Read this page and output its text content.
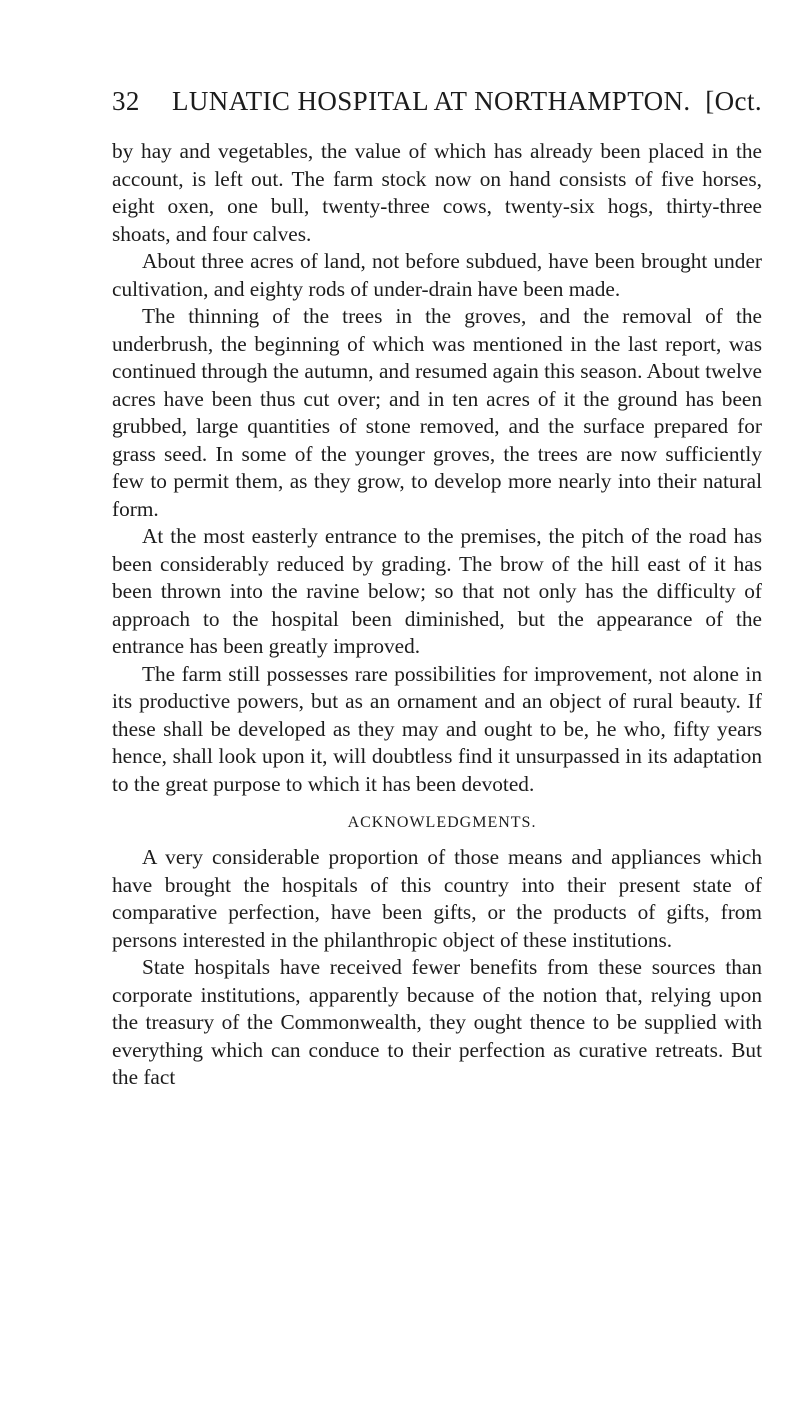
32 LUNATIC HOSPITAL AT NORTHAMPTON. [Oct.

by hay and vegetables, the value of which has already been placed in the account, is left out. The farm stock now on hand consists of five horses, eight oxen, one bull, twenty-three cows, twenty-six hogs, thirty-three shoats, and four calves.

About three acres of land, not before subdued, have been brought under cultivation, and eighty rods of under-drain have been made.

The thinning of the trees in the groves, and the removal of the underbrush, the beginning of which was mentioned in the last report, was continued through the autumn, and resumed again this season. About twelve acres have been thus cut over; and in ten acres of it the ground has been grubbed, large quantities of stone removed, and the surface prepared for grass seed. In some of the younger groves, the trees are now sufficiently few to permit them, as they grow, to develop more nearly into their natural form.

At the most easterly entrance to the premises, the pitch of the road has been considerably reduced by grading. The brow of the hill east of it has been thrown into the ravine below; so that not only has the difficulty of approach to the hospital been diminished, but the appearance of the entrance has been greatly improved.

The farm still possesses rare possibilities for improvement, not alone in its productive powers, but as an ornament and an object of rural beauty. If these shall be developed as they may and ought to be, he who, fifty years hence, shall look upon it, will doubtless find it unsurpassed in its adaptation to the great purpose to which it has been devoted.

ACKNOWLEDGMENTS.

A very considerable proportion of those means and appliances which have brought the hospitals of this country into their present state of comparative perfection, have been gifts, or the products of gifts, from persons interested in the philanthropic object of these institutions.

State hospitals have received fewer benefits from these sources than corporate institutions, apparently because of the notion that, relying upon the treasury of the Commonwealth, they ought thence to be supplied with everything which can conduce to their perfection as curative retreats. But the fact
